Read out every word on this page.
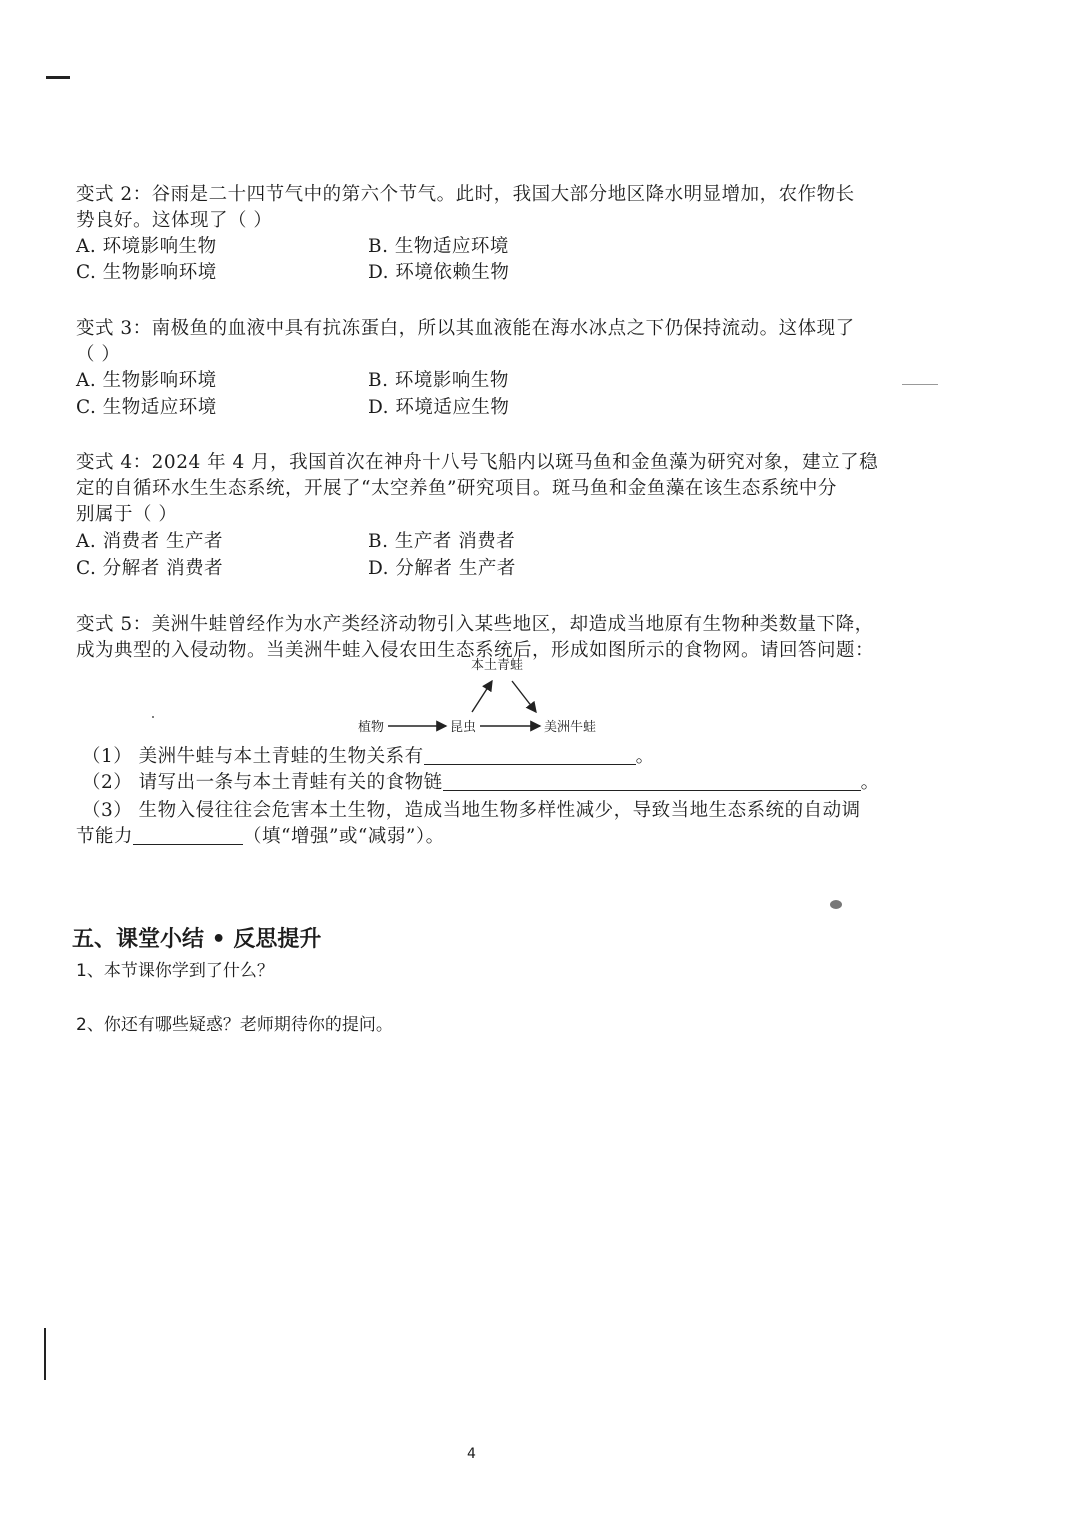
变式 2：谷雨是二十四节气中的第六个节气。此时，我国大部分地区降水明显增加，农作物长
势良好。这体现了（ ）
A. 环境影响生物	B. 生物适应环境
C. 生物影响环境	D. 环境依赖生物
变式 3：南极鱼的血液中具有抗冻蛋白，所以其血液能在海水冰点之下仍保持流动。这体现了
（ ）
A. 生物影响环境	B. 环境影响生物
C. 生物适应环境	D. 环境适应生物
变式 4：2024 年 4 月，我国首次在神舟十八号飞船内以斑马鱼和金鱼藻为研究对象，建立了稳
定的自循环水生生态系统，开展了“太空养鱼”研究项目。斑马鱼和金鱼藻在该生态系统中分
别属于（ ）
A. 消费者 生产者	B. 生产者 消费者
C. 分解者 消费者	D. 分解者 生产者
变式 5：美洲牛蛙曾经作为水产类经济动物引入某些地区，却造成当地原有生物种类数量下降，
成为典型的入侵动物。当美洲牛蛙入侵农田生态系统后，形成如图所示的食物网。请回答问题：
本土青蛙
植物	昆虫	美洲牛蛙
（1） 美洲牛蛙与本土青蛙的生物关系有	。
（2） 请写出一条与本土青蛙有关的食物链	。
（3） 生物入侵往往会危害本土生物，造成当地生物多样性减少，导致当地生态系统的自动调
节能力	（填“增强”或“减弱”）。
五、课堂小结 • 反思提升
1、本节课你学到了什么？
2、你还有哪些疑惑？老师期待你的提问。
4
